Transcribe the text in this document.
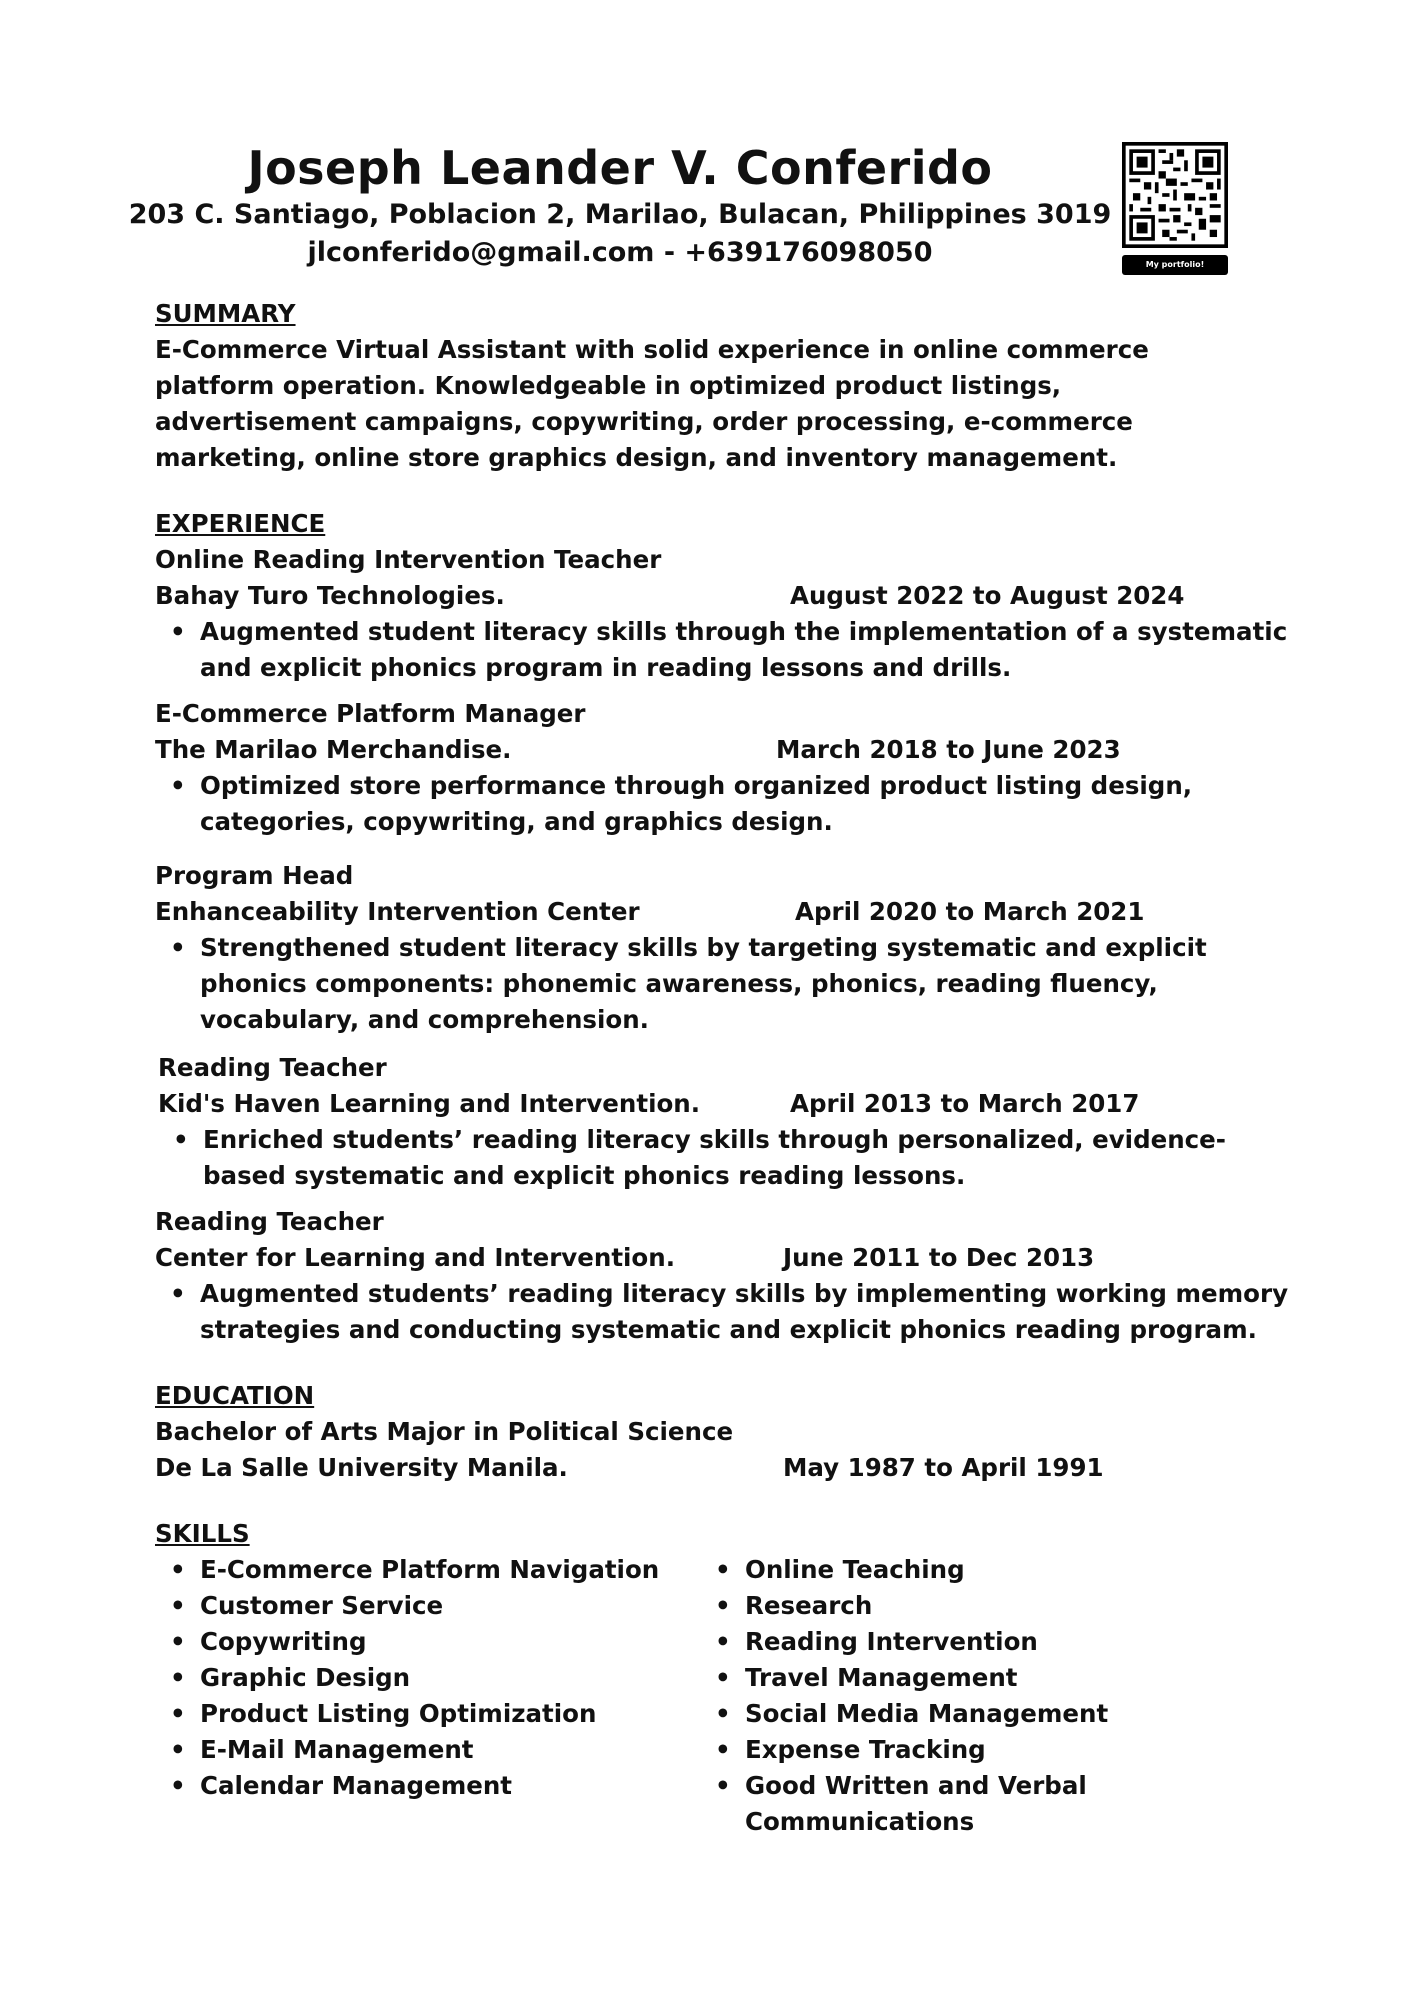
Joseph Leander V. Conferido

203 C. Santiago, Poblacion 2, Marilao, Bulacan, Philippines 3019

jlconferido@gmail.com - +639176098050	My portfolio!

SUMMARY

E-Commerce Virtual Assistant with solid experience in online commerce platform operation. Knowledgeable in optimized product listings, advertisement campaigns, copywriting, order processing, e-commerce marketing, online store graphics design, and inventory management.

EXPERIENCE

Online Reading Intervention Teacher

Bahay Turo Technologies.	August 2022 to August 2024
• Augmented student literacy skills through the implementation of a systematic and explicit phonics program in reading lessons and drills.

E-Commerce Platform Manager

The Marilao Merchandise.	March 2018 to June 2023
• Optimized store performance through organized product listing design, categories, copywriting, and graphics design.

Program Head

Enhanceability Intervention Center	April 2020 to March 2021
• Strengthened student literacy skills by targeting systematic and explicit phonics components: phonemic awareness, phonics, reading fluency, vocabulary, and comprehension.

Reading Teacher

Kid's Haven Learning and Intervention.	April 2013 to March 2017
• Enriched students’ reading literacy skills through personalized, evidence-based systematic and explicit phonics reading lessons.

Reading Teacher

Center for Learning and Intervention.	June 2011 to Dec 2013
• Augmented students’ reading literacy skills by implementing working memory strategies and conducting systematic and explicit phonics reading program.

EDUCATION

Bachelor of Arts Major in Political Science

De La Salle University Manila.	May 1987 to April 1991

SKILLS

• E-Commerce Platform Navigation
• Customer Service
• Copywriting
• Graphic Design
• Product Listing Optimization
• E-Mail Management
• Calendar Management
• Online Teaching
• Research
• Reading Intervention
• Travel Management
• Social Media Management
• Expense Tracking
• Good Written and Verbal Communications
